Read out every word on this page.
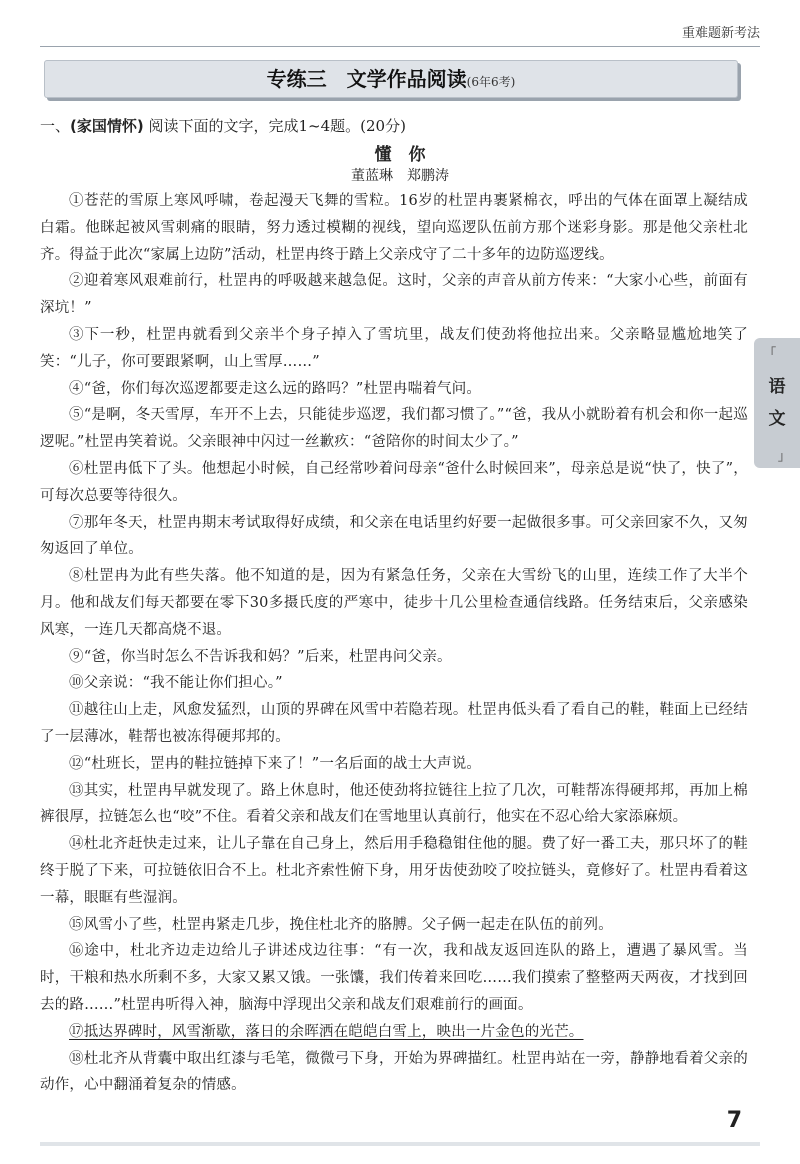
重难题新考法
专练三　文学作品阅读(6年6考)
一、(家国情怀) 阅读下面的文字，完成1~4题。(20分)
懂　你
董蓝琳　郑鹏涛

①苍茫的雪原上寒风呼啸，卷起漫天飞舞的雪粒。16岁的杜罡冉裹紧棉衣，呼出的气体在面罩上凝结成白霜。他眯起被风雪刺痛的眼睛，努力透过模糊的视线，望向巡逻队伍前方那个迷彩身影。那是他父亲杜北齐。得益于此次“家属上边防”活动，杜罡冉终于踏上父亲戍守了二十多年的边防巡逻线。

②迎着寒风艰难前行，杜罡冉的呼吸越来越急促。这时，父亲的声音从前方传来：“大家小心些，前面有深坑！”

③下一秒，杜罡冉就看到父亲半个身子掉入了雪坑里，战友们使劲将他拉出来。父亲略显尴尬地笑了笑：“儿子，你可要跟紧啊，山上雪厚……”

④“爸，你们每次巡逻都要走这么远的路吗？”杜罡冉喘着气问。

⑤“是啊，冬天雪厚，车开不上去，只能徒步巡逻，我们都习惯了。”“爸，我从小就盼着有机会和你一起巡逻呢。”杜罡冉笑着说。父亲眼神中闪过一丝歉疚：“爸陪你的时间太少了。”

⑥杜罡冉低下了头。他想起小时候，自己经常吵着问母亲“爸什么时候回来”，母亲总是说“快了，快了”，可每次总要等待很久。

⑦那年冬天，杜罡冉期末考试取得好成绩，和父亲在电话里约好要一起做很多事。可父亲回家不久，又匆匆返回了单位。

⑧杜罡冉为此有些失落。他不知道的是，因为有紧急任务，父亲在大雪纷飞的山里，连续工作了大半个月。他和战友们每天都要在零下30多摄氏度的严寒中，徒步十几公里检查通信线路。任务结束后，父亲感染风寒，一连几天都高烧不退。

⑨“爸，你当时怎么不告诉我和妈？”后来，杜罡冉问父亲。

⑩父亲说：“我不能让你们担心。”

⑪越往山上走，风愈发猛烈，山顶的界碑在风雪中若隐若现。杜罡冉低头看了看自己的鞋，鞋面上已经结了一层薄冰，鞋帮也被冻得硬邦邦的。

⑫“杜班长，罡冉的鞋拉链掉下来了！”一名后面的战士大声说。

⑬其实，杜罡冉早就发现了。路上休息时，他还使劲将拉链往上拉了几次，可鞋帮冻得硬邦邦，再加上棉裤很厚，拉链怎么也“咬”不住。看着父亲和战友们在雪地里认真前行，他实在不忍心给大家添麻烦。

⑭杜北齐赶快走过来，让儿子靠在自己身上，然后用手稳稳钳住他的腿。费了好一番工夫，那只坏了的鞋终于脱了下来，可拉链依旧合不上。杜北齐索性俯下身，用牙齿使劲咬了咬拉链头，竟修好了。杜罡冉看着这一幕，眼眶有些湿润。

⑮风雪小了些，杜罡冉紧走几步，挽住杜北齐的胳膊。父子俩一起走在队伍的前列。

⑯途中，杜北齐边走边给儿子讲述戍边往事：“有一次，我和战友返回连队的路上，遭遇了暴风雪。当时，干粮和热水所剩不多，大家又累又饿。一张馕，我们传着来回吃……我们摸索了整整两天两夜，才找到回去的路……”杜罡冉听得入神，脑海中浮现出父亲和战友们艰难前行的画面。

⑰抵达界碑时，风雪渐歇，落日的余晖洒在皑皑白雪上，映出一片金色的光芒。

⑱杜北齐从背囊中取出红漆与毛笔，微微弓下身，开始为界碑描红。杜罡冉站在一旁，静静地看着父亲的动作，心中翻涌着复杂的情感。

「
语
文
」
7
